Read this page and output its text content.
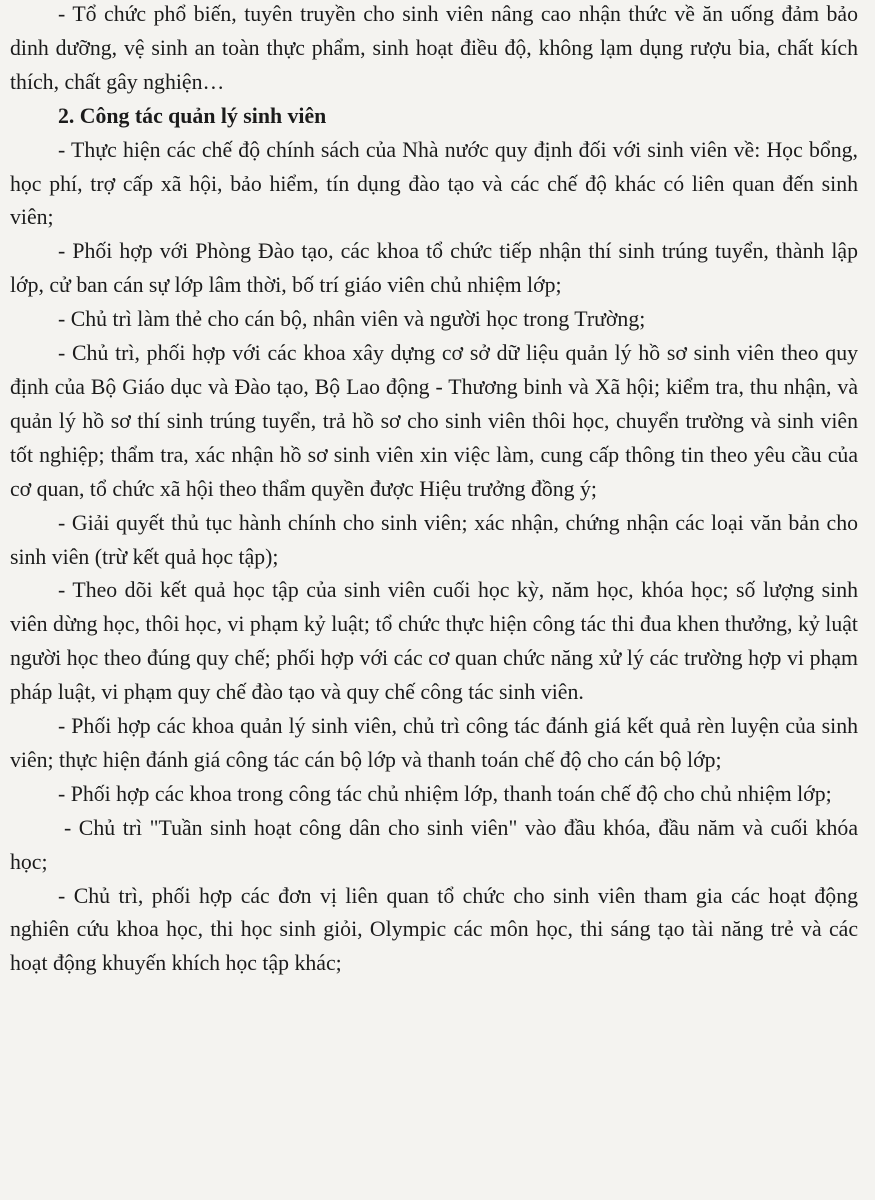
- Tổ chức phổ biến, tuyên truyền cho sinh viên nâng cao nhận thức về ăn uống đảm bảo dinh dưỡng, vệ sinh an toàn thực phẩm, sinh hoạt điều độ, không lạm dụng rượu bia, chất kích thích, chất gây nghiện…

2. Công tác quản lý sinh viên

- Thực hiện các chế độ chính sách của Nhà nước quy định đối với sinh viên về: Học bổng, học phí, trợ cấp xã hội, bảo hiểm, tín dụng đào tạo và các chế độ khác có liên quan đến sinh viên;

- Phối hợp với Phòng Đào tạo, các khoa tổ chức tiếp nhận thí sinh trúng tuyển, thành lập lớp, cử ban cán sự lớp lâm thời, bố trí giáo viên chủ nhiệm lớp;

- Chủ trì làm thẻ cho cán bộ, nhân viên và người học trong Trường;

- Chủ trì, phối hợp với các khoa xây dựng cơ sở dữ liệu quản lý hồ sơ sinh viên theo quy định của Bộ Giáo dục và Đào tạo, Bộ Lao động - Thương binh và Xã hội; kiểm tra, thu nhận, và quản lý hồ sơ thí sinh trúng tuyển, trả hồ sơ cho sinh viên thôi học, chuyển trường và sinh viên tốt nghiệp; thẩm tra, xác nhận hồ sơ sinh viên xin việc làm, cung cấp thông tin theo yêu cầu của cơ quan, tổ chức xã hội theo thẩm quyền được Hiệu trưởng đồng ý;

- Giải quyết thủ tục hành chính cho sinh viên; xác nhận, chứng nhận các loại văn bản cho sinh viên (trừ kết quả học tập);

- Theo dõi kết quả học tập của sinh viên cuối học kỳ, năm học, khóa học; số lượng sinh viên dừng học, thôi học, vi phạm kỷ luật; tổ chức thực hiện công tác thi đua khen thưởng, kỷ luật người học theo đúng quy chế; phối hợp với các cơ quan chức năng xử lý các trường hợp vi phạm pháp luật, vi phạm quy chế đào tạo và quy chế công tác sinh viên.

- Phối hợp các khoa quản lý sinh viên, chủ trì công tác đánh giá kết quả rèn luyện của sinh viên; thực hiện đánh giá công tác cán bộ lớp và thanh toán chế độ cho cán bộ lớp;

- Phối hợp các khoa trong công tác chủ nhiệm lớp, thanh toán chế độ cho chủ nhiệm lớp;

- Chủ trì "Tuần sinh hoạt công dân cho sinh viên" vào đầu khóa, đầu năm và cuối khóa học;

- Chủ trì, phối hợp các đơn vị liên quan tổ chức cho sinh viên tham gia các hoạt động nghiên cứu khoa học, thi học sinh giỏi, Olympic các môn học, thi sáng tạo tài năng trẻ và các hoạt động khuyến khích học tập khác;
